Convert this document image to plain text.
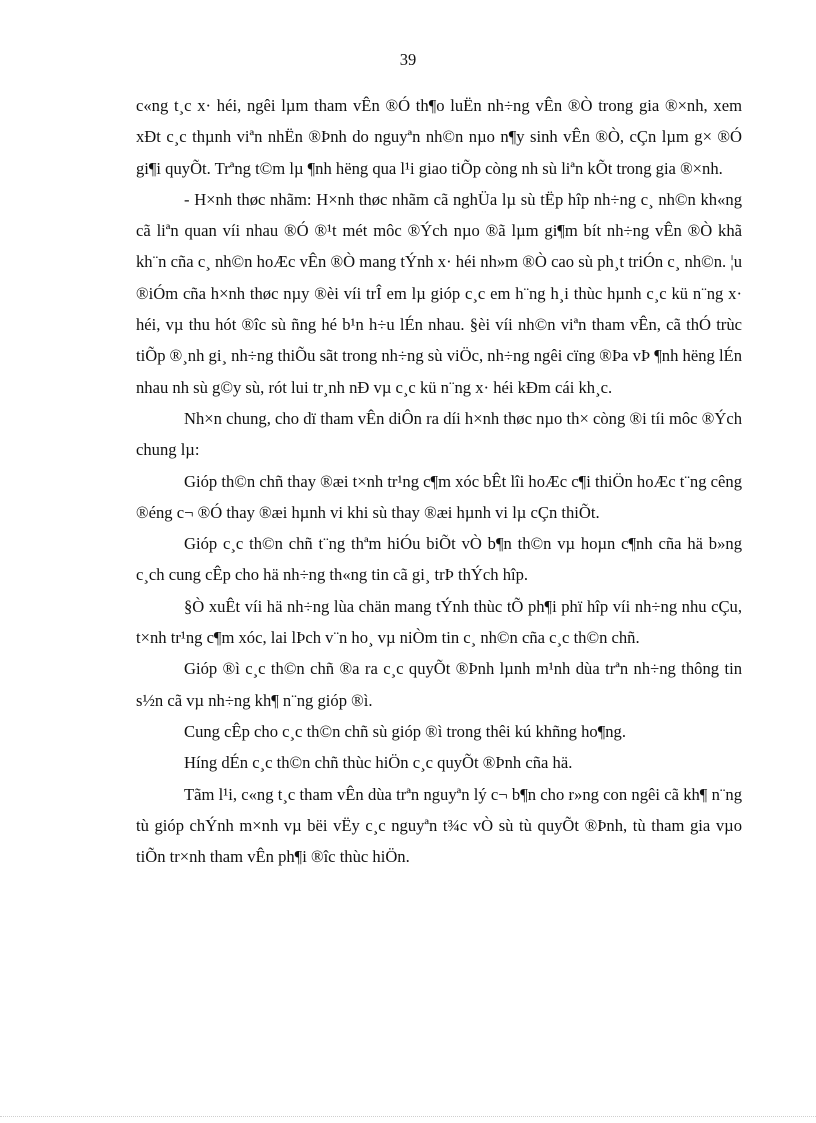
39

c«ng t¸c x· héi, ngêi lµm tham vÊn ®Ó th¶o luËn nh÷ng vÊn ®Ò trong gia ®×nh, xem xÐt c¸c thµnh viªn nhËn ®Þnh do nguyªn nh©n nµo n¶y sinh vÊn ®Ò, cÇn lµm g× ®Ó gi¶i quyÕt. Trªng t©m lµ ¶nh hëng qua l¹i giao tiÕp còng nh sù liªn kÕt trong gia ®×nh.

- H×nh thøc nhãm: H×nh thøc nhãm cã nghÜa lµ sù tËp hîp nh÷ng c¸ nh©n kh«ng cã liªn quan víi nhau ®Ó ®¹t mét môc ®Ých nµo ®ã lµm gi¶m bít nh÷ng vÊn ®Ò khã kh¨n cña c¸ nh©n hoÆc vÊn ®Ò mang tÝnh x· héi nh»m ®Ò cao sù ph¸t triÓn c¸ nh©n. ¦u ®iÓm cña h×nh thøc nµy ®èi víi trÎ em lµ gióp c¸c em h¨ng h¸i thùc hµnh c¸c kü n¨ng x· héi, vµ thu hót ®îc sù ñng hé b¹n h÷u lÉn nhau. §èi víi nh©n viªn tham vÊn, cã thÓ trùc tiÕp ®¸nh gi¸ nh÷ng thiÕu sãt trong nh÷ng sù viÖc, nh÷ng ngêi cïng ®Þa vÞ ¶nh hëng lÉn nhau nh sù g©y sù, rót lui tr¸nh nÐ vµ c¸c kü n¨ng x· héi kÐm cái kh¸c.

Nh×n chung, cho dï tham vÊn diÔn ra díi h×nh thøc nµo th× còng ®i tíi môc ®Ých chung lµ:

Gióp th©n chñ thay ®æi t×nh tr¹ng c¶m xóc bÊt lîi hoÆc c¶i thiÖn hoÆc t¨ng cêng ®éng c¬ ®Ó thay ®æi hµnh vi khi sù thay ®æi hµnh vi lµ cÇn thiÕt.

Gióp c¸c th©n chñ t¨ng thªm hiÓu biÕt vÒ b¶n th©n vµ hoµn c¶nh cña hä b»ng c¸ch cung cÊp cho hä nh÷ng th«ng tin cã gi¸ trÞ thÝch hîp.

§Ò xuÊt víi hä nh÷ng lùa chän mang tÝnh thùc tÕ ph¶i phï hîp víi nh÷ng nhu cÇu, t×nh tr¹ng c¶m xóc, lai lÞch v¨n ho¸ vµ niÒm tin c¸ nh©n cña c¸c th©n chñ.

Gióp ®ì c¸c th©n chñ ®a ra c¸c quyÕt ®Þnh lµnh m¹nh dùa trªn nh÷ng thông tin s½n cã vµ nh÷ng kh¶ n¨ng gióp ®ì.

Cung cÊp cho c¸c th©n chñ sù gióp ®ì trong thêi kú khñng ho¶ng.

Híng dÉn c¸c th©n chñ thùc hiÖn c¸c quyÕt ®Þnh cña hä.

Tãm l¹i, c«ng t¸c tham vÊn dùa trªn nguyªn lý c¬ b¶n cho r»ng con ngêi cã kh¶ n¨ng tù gióp chÝnh m×nh vµ bëi vËy c¸c nguyªn t¾c vÒ sù tù quyÕt ®Þnh, tù tham gia vµo tiÕn tr×nh tham vÊn ph¶i ®îc thùc hiÖn.
